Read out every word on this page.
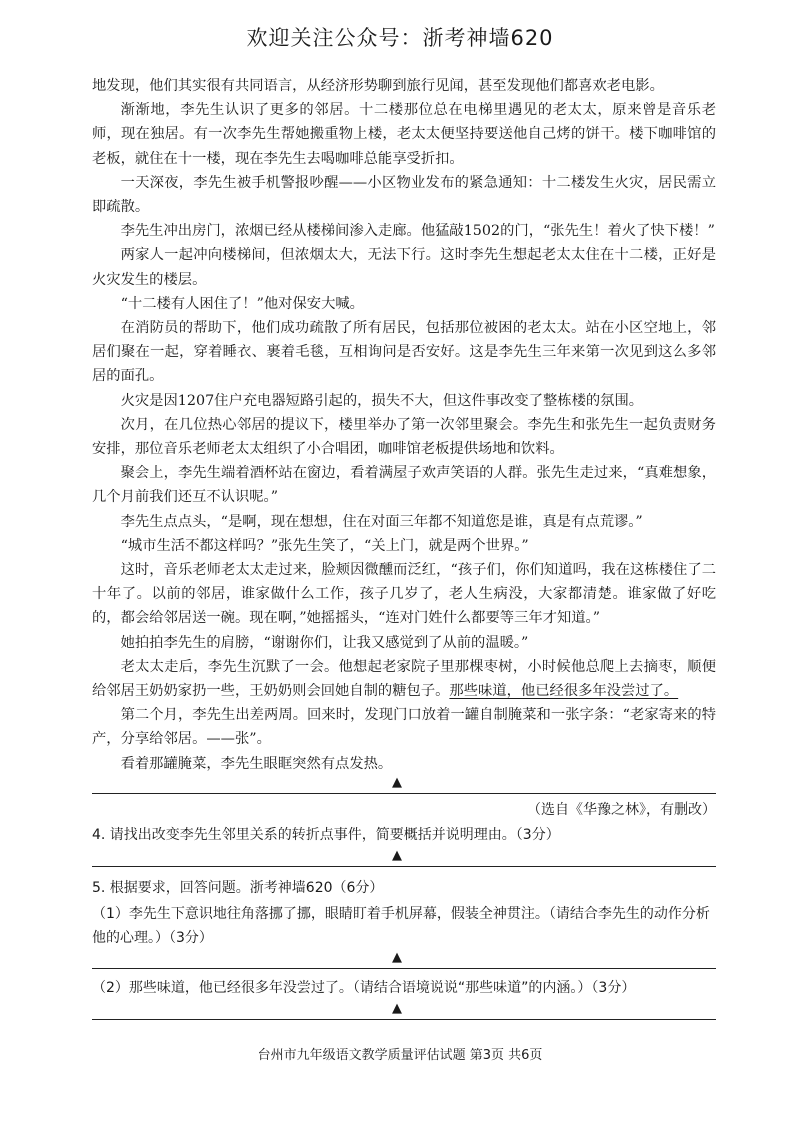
欢迎关注公众号：浙考神墙620

地发现，他们其实很有共同语言，从经济形势聊到旅行见闻，甚至发现他们都喜欢老电影。

渐渐地，李先生认识了更多的邻居。十二楼那位总在电梯里遇见的老太太，原来曾是音乐老师，现在独居。有一次李先生帮她搬重物上楼，老太太便坚持要送他自己烤的饼干。楼下咖啡馆的老板，就住在十一楼，现在李先生去喝咖啡总能享受折扣。

一天深夜，李先生被手机警报吵醒——小区物业发布的紧急通知：十二楼发生火灾，居民需立即疏散。

李先生冲出房门，浓烟已经从楼梯间渗入走廊。他猛敲1502的门，“张先生！着火了快下楼！”

两家人一起冲向楼梯间，但浓烟太大，无法下行。这时李先生想起老太太住在十二楼，正好是火灾发生的楼层。

“十二楼有人困住了！”他对保安大喊。

在消防员的帮助下，他们成功疏散了所有居民，包括那位被困的老太太。站在小区空地上，邻居们聚在一起，穿着睡衣、裹着毛毯，互相询问是否安好。这是李先生三年来第一次见到这么多邻居的面孔。

火灾是因1207住户充电器短路引起的，损失不大，但这件事改变了整栋楼的氛围。

次月，在几位热心邻居的提议下，楼里举办了第一次邻里聚会。李先生和张先生一起负责财务安排，那位音乐老师老太太组织了小合唱团，咖啡馆老板提供场地和饮料。

聚会上，李先生端着酒杯站在窗边，看着满屋子欢声笑语的人群。张先生走过来，“真难想象，几个月前我们还互不认识呢。”

李先生点点头，“是啊，现在想想，住在对面三年都不知道您是谁，真是有点荒谬。”

“城市生活不都这样吗？”张先生笑了，“关上门，就是两个世界。”

这时，音乐老师老太太走过来，脸颊因微醺而泛红，“孩子们，你们知道吗，我在这栋楼住了二十年了。以前的邻居，谁家做什么工作，孩子几岁了，老人生病没，大家都清楚。谁家做了好吃的，都会给邻居送一碗。现在啊，”她摇摇头，“连对门姓什么都要等三年才知道。”

她拍拍李先生的肩膀，“谢谢你们，让我又感觉到了从前的温暖。”

老太太走后，李先生沉默了一会。他想起老家院子里那棵枣树，小时候他总爬上去摘枣，顺便给邻居王奶奶家扔一些，王奶奶则会回她自制的糖包子。那些味道，他已经很多年没尝过了。

第二个月，李先生出差两周。回来时，发现门口放着一罐自制腌菜和一张字条：“老家寄来的特产，分享给邻居。——张”。

看着那罐腌菜，李先生眼眶突然有点发热。

▲
（选自《华豫之林》，有删改）
4. 请找出改变李先生邻里关系的转折点事件，简要概括并说明理由。（3分）
▲
5. 根据要求，回答问题。浙考神墙620（6分）
（1）李先生下意识地往角落挪了挪，眼睛盯着手机屏幕，假装全神贯注。（请结合李先生的动作分析他的心理。）（3分）
▲
（2）那些味道，他已经很多年没尝过了。（请结合语境说说“那些味道”的内涵。）（3分）
▲
台州市九年级语文教学质量评估试题 第3页 共6页
